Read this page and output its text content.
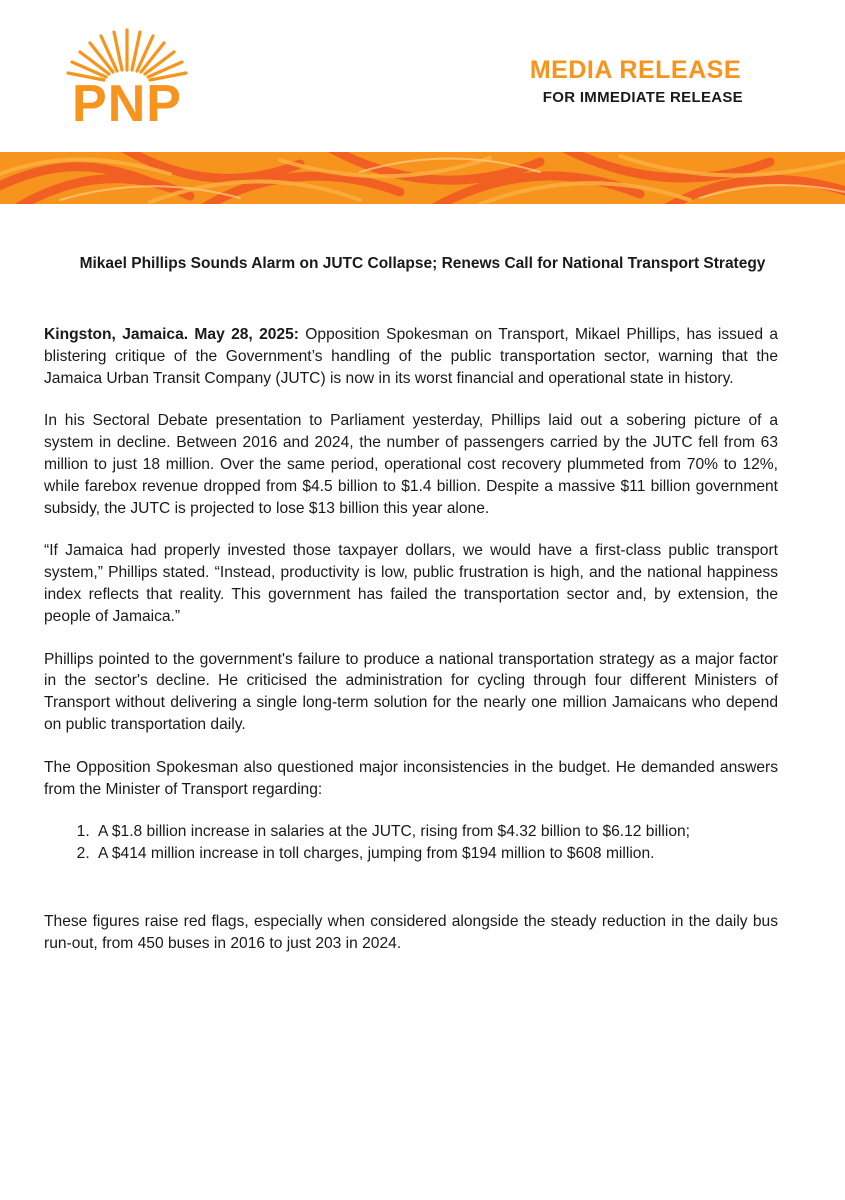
PNP
MEDIA RELEASE
FOR IMMEDIATE RELEASE
Mikael Phillips Sounds Alarm on JUTC Collapse; Renews Call for National Transport Strategy

Kingston, Jamaica. May 28, 2025: Opposition Spokesman on Transport, Mikael Phillips, has issued a blistering critique of the Government’s handling of the public transportation sector, warning that the Jamaica Urban Transit Company (JUTC) is now in its worst financial and operational state in history.

In his Sectoral Debate presentation to Parliament yesterday, Phillips laid out a sobering picture of a system in decline. Between 2016 and 2024, the number of passengers carried by the JUTC fell from 63 million to just 18 million. Over the same period, operational cost recovery plummeted from 70% to 12%, while farebox revenue dropped from $4.5 billion to $1.4 billion. Despite a massive $11 billion government subsidy, the JUTC is projected to lose $13 billion this year alone.

“If Jamaica had properly invested those taxpayer dollars, we would have a first-class public transport system,” Phillips stated. “Instead, productivity is low, public frustration is high, and the national happiness index reflects that reality. This government has failed the transportation sector and, by extension, the people of Jamaica.”

Phillips pointed to the government's failure to produce a national transportation strategy as a major factor in the sector's decline. He criticised the administration for cycling through four different Ministers of Transport without delivering a single long-term solution for the nearly one million Jamaicans who depend on public transportation daily.

The Opposition Spokesman also questioned major inconsistencies in the budget. He demanded answers from the Minister of Transport regarding:

1. A $1.8 billion increase in salaries at the JUTC, rising from $4.32 billion to $6.12 billion;
2. A $414 million increase in toll charges, jumping from $194 million to $608 million.

These figures raise red flags, especially when considered alongside the steady reduction in the daily bus run-out, from 450 buses in 2016 to just 203 in 2024.
